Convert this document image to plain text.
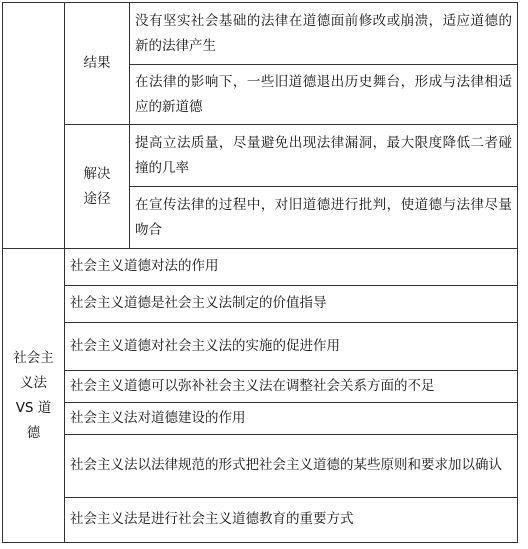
	结果	没有坚实社会基础的法律在道德面前修改或崩溃，适应道德的新的法律产生
		在法律的影响下，一些旧道德退出历史舞台，形成与法律相适应的新道德

	解决
途径	提高立法质量，尽量避免出现法律漏洞，最大限度降低二者碰撞的几率
		在宣传法律的过程中，对旧道德进行批判，使道德与法律尽量吻合

社会主
义法
VS 道
德	社会主义道德对法的作用	
	社会主义道德是社会主义法制定的价值指导	
	社会主义道德对社会主义法的实施的促进作用	
	社会主义道德可以弥补社会主义法在调整社会关系方面的不足	
	社会主义法对道德建设的作用	
	社会主义法以法律规范的形式把社会主义道德的某些原则和要求加以确认	
	社会主义法是进行社会主义道德教育的重要方式	
